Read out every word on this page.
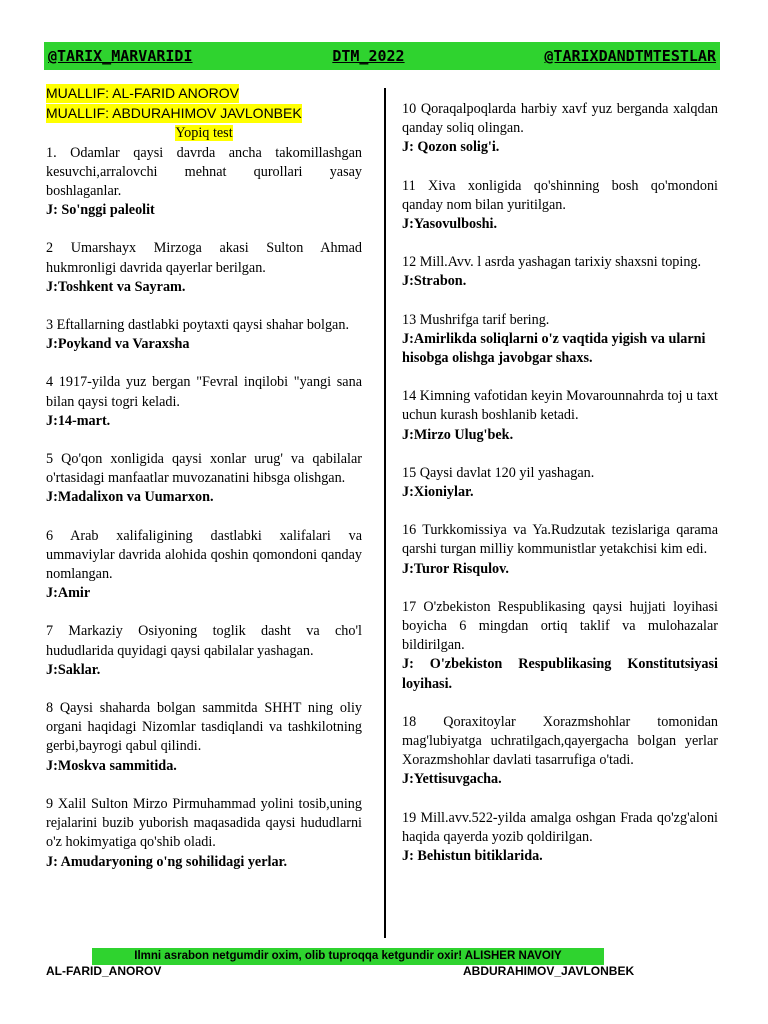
@TARIX_MARVARIDI	DTM_2022	@TARIXDANDTMTESTLAR
MUALLIF: AL-FARID ANOROV
MUALLIF: ABDURAHIMOV JAVLONBEK
Yopiq test
1. Odamlar qaysi davrda ancha takomillashgan kesuvchi,arralovchi mehnat qurollari yasay boshlaganlar.
J: So'nggi paleolit
2 Umarshayx Mirzoga akasi Sulton Ahmad hukmronligi davrida qayerlar berilgan.
J:Toshkent va Sayram.
3 Eftallarning dastlabki poytaxti qaysi shahar bolgan.
J:Poykand va Varaxsha
4 1917-yilda yuz bergan "Fevral inqilobi "yangi sana bilan qaysi togri keladi.
J:14-mart.
5 Qo'qon xonligida qaysi xonlar urug' va qabilalar o'rtasidagi manfaatlar muvozanatini hibsga olishgan.
J:Madalixon va Uumarxon.
6 Arab xalifaligining dastlabki xalifalari va ummaviylar davrida alohida qoshin qomondoni qanday nomlangan.
J:Amir
7 Markaziy Osiyoning toglik dasht va cho'l hududlarida quyidagi qaysi qabilalar yashagan.
J:Saklar.
8 Qaysi shaharda bolgan sammitda SHHT ning oliy organi haqidagi Nizomlar tasdiqlandi va tashkilotning gerbi,bayrogi qabul qilindi.
J:Moskva sammitida.
9 Xalil Sulton Mirzo Pirmuhammad yolini tosib,uning rejalarini buzib yuborish maqasadida qaysi hududlarni o'z hokimyatiga qo'shib oladi.
J: Amudaryoning o'ng sohilidagi yerlar.
10 Qoraqalpoqlarda harbiy xavf yuz berganda xalqdan qanday soliq olingan.
J: Qozon solig'i.
11 Xiva xonligida qo'shinning bosh qo'mondoni qanday nom bilan yuritilgan.
J:Yasovulboshi.
12 Mill.Avv. l asrda yashagan tarixiy shaxsni toping.
J:Strabon.
13 Mushrifga tarif bering.
J:Amirlikda soliqlarni o'z vaqtida yigish va ularni hisobga olishga javobgar shaxs.
14 Kimning vafotidan keyin Movarounnahrda toj u taxt uchun kurash boshlanib ketadi.
J:Mirzo Ulug'bek.
15 Qaysi davlat 120 yil yashagan.
J:Xioniylar.
16 Turkkomissiya va Ya.Rudzutak tezislariga qarama qarshi turgan milliy kommunistlar yetakchisi kim edi.
J:Turor Risqulov.
17 O'zbekiston Respublikasing qaysi hujjati loyihasi boyicha 6 mingdan ortiq taklif va mulohazalar bildirilgan.
J: O'zbekiston Respublikasing Konstitutsiyasi loyihasi.
18 Qoraxitoylar Xorazmshohlar tomonidan mag'lubiyatga uchratilgach,qayergacha bolgan yerlar Xorazmshohlar davlati tasarrufiga o'tadi.
J:Yettisuvgacha.
19 Mill.avv.522-yilda amalga oshgan Frada qo'zg'aloni haqida qayerda yozib qoldirilgan.
J: Behistun bitiklarida.
Ilmni asrabon netgumdir oxim, olib tuproqqa ketgundir oxir! ALISHER NAVOIY
AL-FARID_ANOROV	ABDURAHIMOV_JAVLONBEK
